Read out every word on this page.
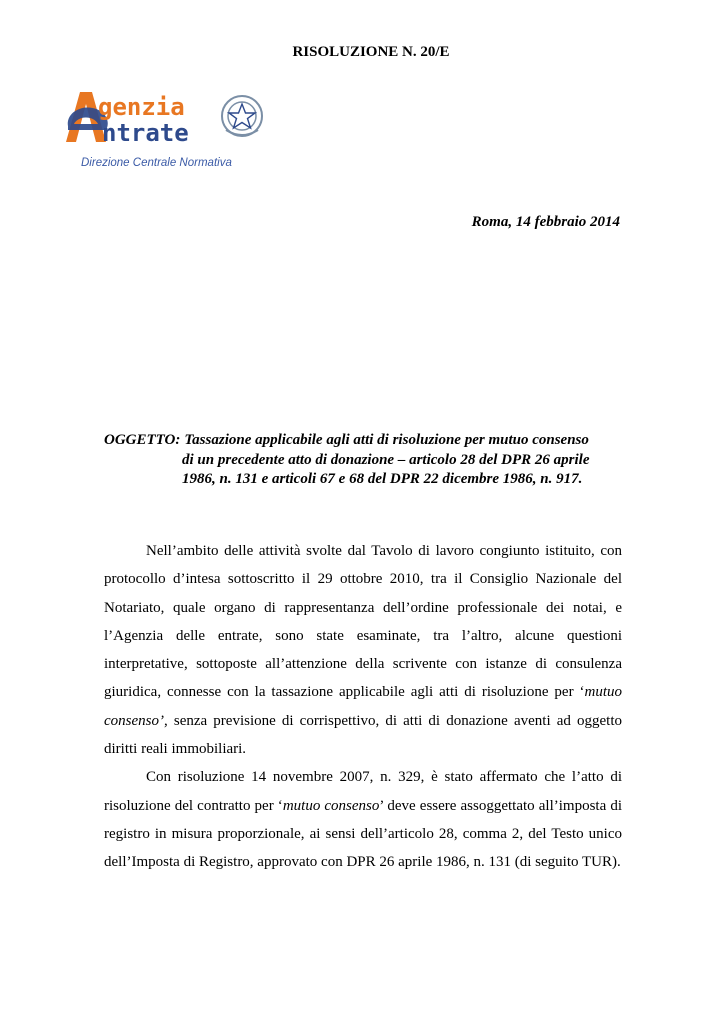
RISOLUZIONE N. 20/E
genzia
ntrate
Direzione Centrale Normativa
Roma, 14 febbraio 2014
OGGETTO: Tassazione applicabile agli atti di risoluzione per mutuo consenso
di un precedente atto di donazione – articolo 28 del DPR 26 aprile
1986, n. 131 e articoli 67 e 68 del DPR 22 dicembre 1986, n. 917.

Nell’ambito delle attività svolte dal Tavolo di lavoro congiunto istituito, con protocollo d’intesa sottoscritto il 29 ottobre 2010, tra il Consiglio Nazionale del Notariato, quale organo di rappresentanza dell’ordine professionale dei notai, e l’Agenzia delle entrate, sono state esaminate, tra l’altro, alcune questioni interpretative, sottoposte all’attenzione della scrivente con istanze di consulenza giuridica, connesse con la tassazione applicabile agli atti di risoluzione per ‘mutuo consenso’, senza previsione di corrispettivo, di atti di donazione aventi ad oggetto diritti reali immobiliari.

Con risoluzione 14 novembre 2007, n. 329, è stato affermato che l’atto di risoluzione del contratto per ‘mutuo consenso’ deve essere assoggettato all’imposta di registro in misura proporzionale, ai sensi dell’articolo 28, comma 2, del Testo unico dell’Imposta di Registro, approvato con DPR 26 aprile 1986, n. 131 (di seguito TUR).
